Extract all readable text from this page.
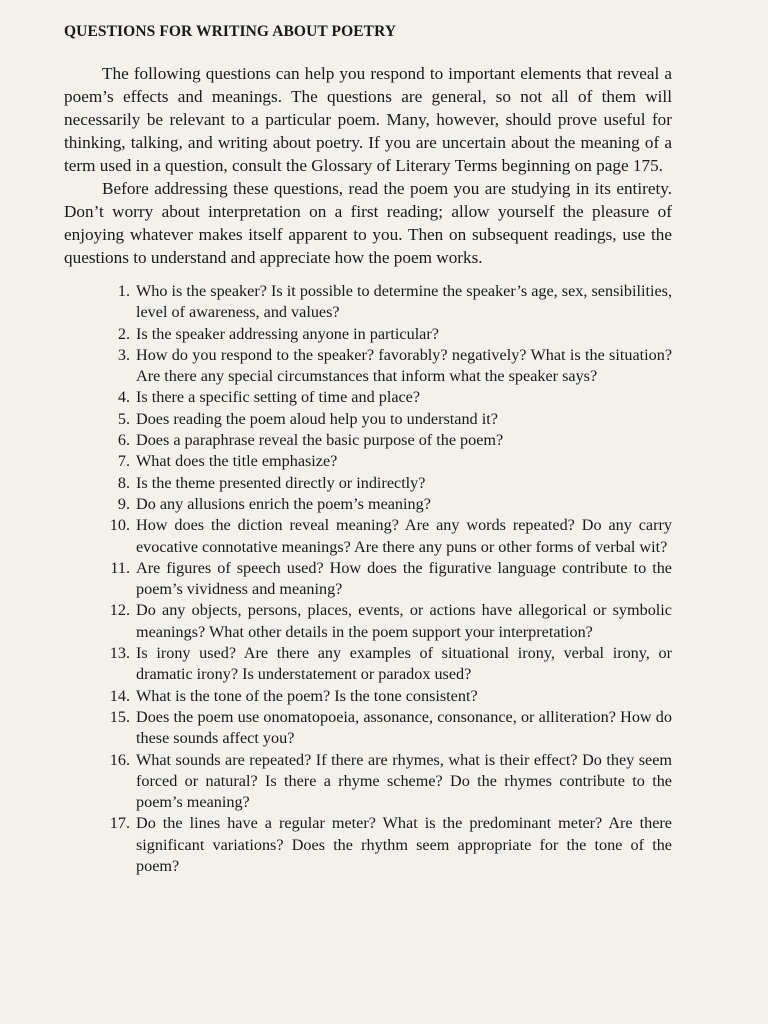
QUESTIONS FOR WRITING ABOUT POETRY

The following questions can help you respond to important elements that reveal a poem’s effects and meanings. The questions are general, so not all of them will necessarily be relevant to a particular poem. Many, however, should prove useful for thinking, talking, and writing about poetry. If you are uncertain about the meaning of a term used in a question, consult the Glossary of Literary Terms beginning on page 175.

Before addressing these questions, read the poem you are studying in its entirety. Don’t worry about interpretation on a first reading; allow yourself the pleasure of enjoying whatever makes itself apparent to you. Then on subsequent readings, use the questions to understand and appreciate how the poem works.

1. Who is the speaker? Is it possible to determine the speaker’s age, sex, sensibilities, level of awareness, and values?
2. Is the speaker addressing anyone in particular?
3. How do you respond to the speaker? favorably? negatively? What is the situation? Are there any special circumstances that inform what the speaker says?
4. Is there a specific setting of time and place?
5. Does reading the poem aloud help you to understand it?
6. Does a paraphrase reveal the basic purpose of the poem?
7. What does the title emphasize?
8. Is the theme presented directly or indirectly?
9. Do any allusions enrich the poem’s meaning?
10. How does the diction reveal meaning? Are any words repeated? Do any carry evocative connotative meanings? Are there any puns or other forms of verbal wit?
11. Are figures of speech used? How does the figurative language contribute to the poem’s vividness and meaning?
12. Do any objects, persons, places, events, or actions have allegorical or symbolic meanings? What other details in the poem support your interpretation?
13. Is irony used? Are there any examples of situational irony, verbal irony, or dramatic irony? Is understatement or paradox used?
14. What is the tone of the poem? Is the tone consistent?
15. Does the poem use onomatopoeia, assonance, consonance, or alliteration? How do these sounds affect you?
16. What sounds are repeated? If there are rhymes, what is their effect? Do they seem forced or natural? Is there a rhyme scheme? Do the rhymes contribute to the poem’s meaning?
17. Do the lines have a regular meter? What is the predominant meter? Are there significant variations? Does the rhythm seem appropriate for the tone of the poem?
